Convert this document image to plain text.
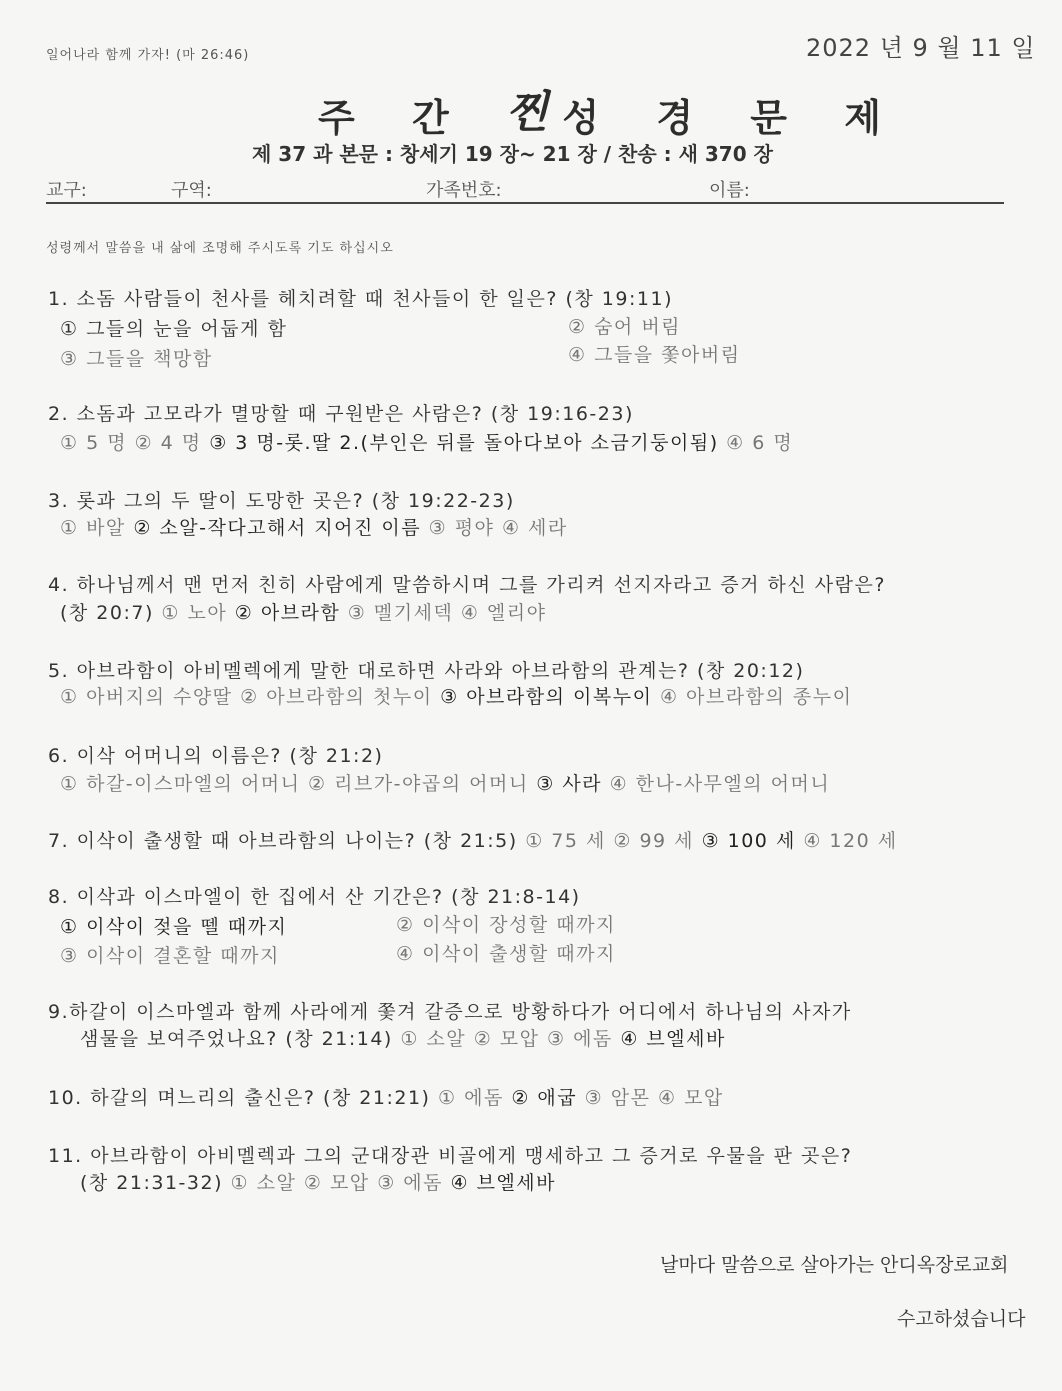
일어나라 함께 가자! (마 26:46)	2022 년 9 월 11 일
주 간 찐 성 경 문 제
제 37 과 본문 : 창세기 19 장~ 21 장 / 찬송 : 새 370 장
교구:	구역:	가족번호:	이름:
성령께서 말씀을 내 삶에 조명해 주시도록 기도 하십시오
1. 소돔 사람들이 천사를 헤치려할 때 천사들이 한 일은? (창 19:11)
① 그들의 눈을 어둡게 함	② 숨어 버림
③ 그들을 책망함	④ 그들을 쫓아버림
2. 소돔과 고모라가 멸망할 때 구원받은 사람은? (창 19:16-23)
① 5 명 ② 4 명 ③ 3 명-롯.딸 2.(부인은 뒤를 돌아다보아 소금기둥이됨) ④ 6 명
3. 롯과 그의 두 딸이 도망한 곳은? (창 19:22-23)
① 바알 ② 소알-작다고해서 지어진 이름 ③ 평야 ④ 세라
4. 하나님께서 맨 먼저 친히 사람에게 말씀하시며 그를 가리켜 선지자라고 증거 하신 사람은?
(창 20:7) ① 노아 ② 아브라함 ③ 멜기세덱 ④ 엘리야
5. 아브라함이 아비멜렉에게 말한 대로하면 사라와 아브라함의 관계는? (창 20:12)
① 아버지의 수양딸 ② 아브라함의 첫누이 ③ 아브라함의 이복누이 ④ 아브라함의 종누이
6. 이삭 어머니의 이름은? (창 21:2)
① 하갈-이스마엘의 어머니 ② 리브가-야곱의 어머니 ③ 사라 ④ 한나-사무엘의 어머니
7. 이삭이 출생할 때 아브라함의 나이는? (창 21:5) ① 75 세 ② 99 세 ③ 100 세 ④ 120 세
8. 이삭과 이스마엘이 한 집에서 산 기간은? (창 21:8-14)
① 이삭이 젖을 뗄 때까지	② 이삭이 장성할 때까지
③ 이삭이 결혼할 때까지	④ 이삭이 출생할 때까지
9.하갈이 이스마엘과 함께 사라에게 쫓겨 갈증으로 방황하다가 어디에서 하나님의 사자가
샘물을 보여주었나요? (창 21:14) ① 소알 ② 모압 ③ 에돔 ④ 브엘세바
10. 하갈의 며느리의 출신은? (창 21:21) ① 에돔 ② 애굽 ③ 암몬 ④ 모압
11. 아브라함이 아비멜렉과 그의 군대장관 비골에게 맹세하고 그 증거로 우물을 판 곳은?
(창 21:31-32) ① 소알 ② 모압 ③ 에돔 ④ 브엘세바
날마다 말씀으로 살아가는 안디옥장로교회
수고하셨습니다
